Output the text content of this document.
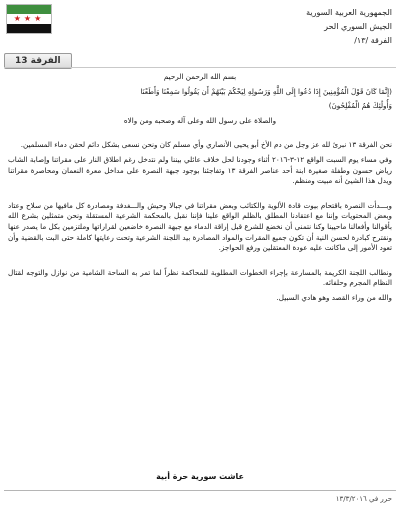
★★★
الفرقة 13
الجمهورية العربية السورية
الجيش السوري الحر
الفرقة /١٣/

بسم الله الرحمن الرحيم

(إِنَّمَا كَانَ قَوْلَ الْمُؤْمِنِينَ إِذَا دُعُوا إِلَى اللَّهِ وَرَسُولِهِ لِيَحْكُمَ بَيْنَهُمْ أَن يَقُولُوا سَمِعْنَا وَأَطَعْنَا

وَأُولَٰئِكَ هُمُ الْمُفْلِحُونَ)

والصلاة على رسول الله وعلى آله وصحبه ومن والاه

نحن الفرقة ١٣ نبرئ لله عز وجل من دم الأخ أبو يحيى الأنصاري وأي مسلم كان ونحن نسعى بشكل دائم لحقن دماء المسلمين.

وفي مساء يوم السبت الواقع ١٢-٣-٢٠١٦ أثناء وجودنا لحل خلاف عائلي بيننا ولم نتدخل رغم اطلاق النار على مقراتنا وإصابة الشاب رياض حسون وطفلة صغيرة ابنة أحد عناصر الفرقة ١٣ وتفاجئنا بوجود جبهة النصرة على مداخل معرة النعمان ومحاصرة مقراتنا ويدل هذا الشيئ أنه مبيت ومنظم.

وبـــدأت النصرة باقتحام بيوت قادة الألوية والكتائب وبعض مقراتنا في جبالا وحيش والـــغدفة ومصادرة كل مافيها من سلاح وعتاد وبعض المحتويات وإننا مع اعتقادنا المطلق بالظلم الواقع علينا فإننا نقبل بالمحكمة الشرعية المستقلة ونحن متمثلين بشرع الله بأقوالنا وأفعالنا ماحيينا وكنا نتمنى أن نخضع للشرع قبل إراقة الدماء مع جبهة النصرة خاضعين لقراراتها وملتزمين بكل ما يصدر عنها ونقترح كبادرة لحسن النية أن تكون جميع المقرات والمواد المصادرة بيد اللجنة الشرعية وتحت رعايتها كاملة حتى البت بالقضية وأن تعود الأمور إلى ماكانت عليه عودة المعتقلين ورفع الحواجز.

ونطالب اللجنة الكريمة بالمسارعة بإجراء الخطوات المطلوبة للمحاكمة نظراً لما تمر به الساحة الشامية من نوازل والتوجه لقتال النظام المجرم وحلفائه.

والله من وراء القصد وهو هادي السبيل.

عاشت سورية حرة أبية
حرر في ١٣/٣/٢٠١٦
